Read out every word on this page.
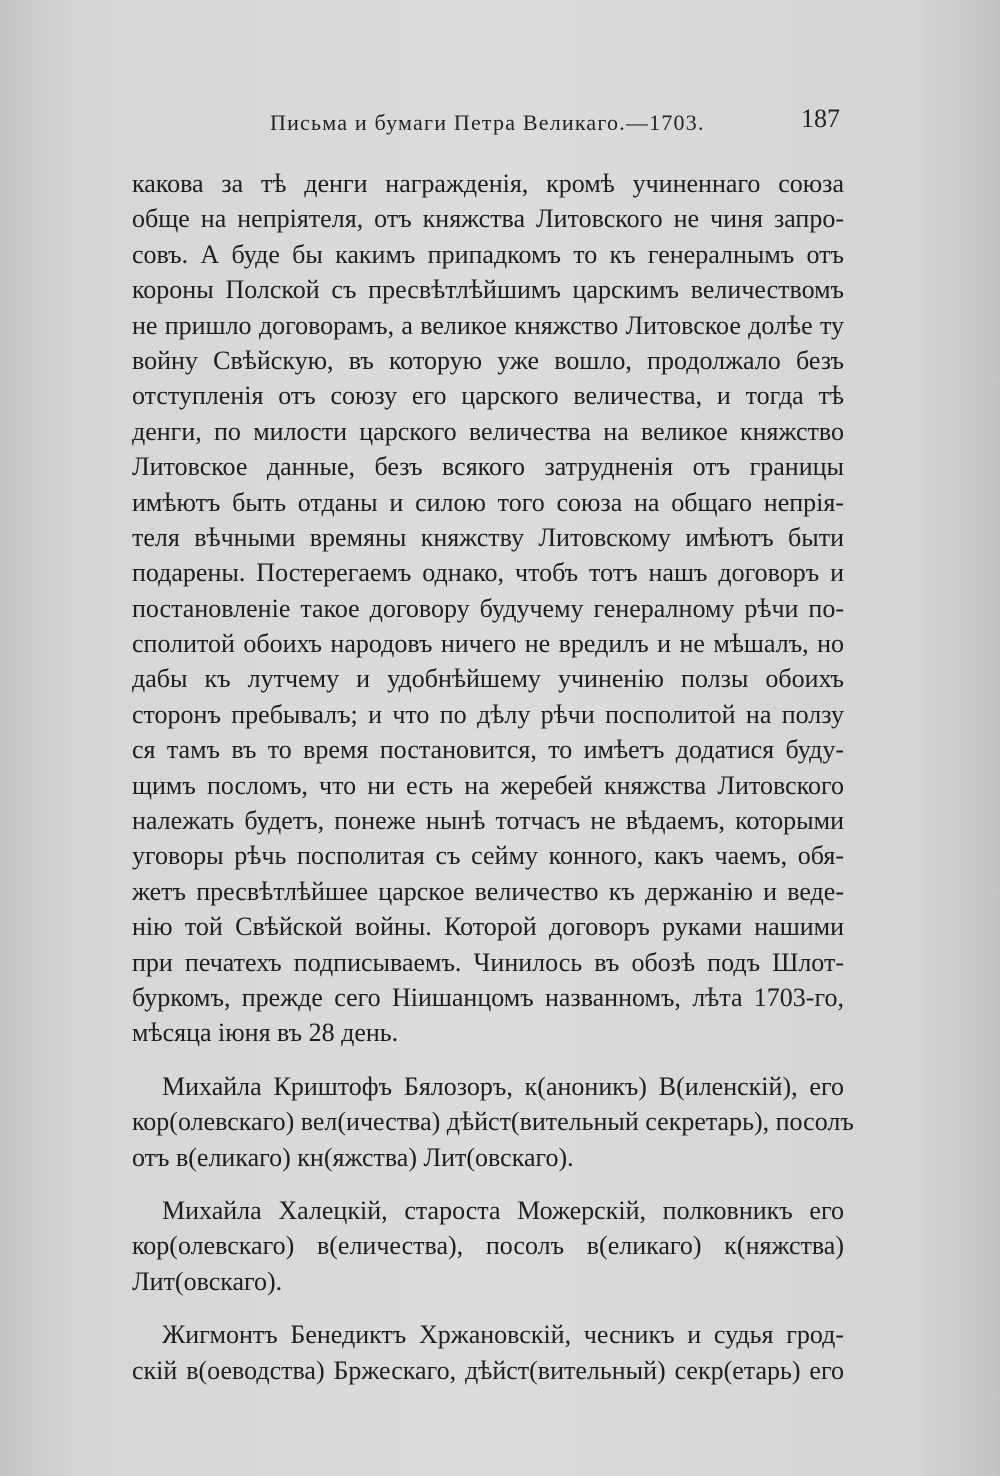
Письма и бумаги Петра Великаго.—1703.	187
какова за тѣ денги награжденія, кромѣ учиненнаго союза
обще на непріятеля, отъ княжства Литовского не чиня запро-
совъ. А буде бы какимъ припадкомъ то къ генералнымъ отъ
короны Полской съ пресвѣтлѣйшимъ царскимъ величествомъ
не пришло договорамъ, а великое княжство Литовское долѣе ту
войну Свѣйскую, въ которую уже вошло, продолжало безъ
отступленія отъ союзу его царского величества, и тогда тѣ
денги, по милости царского величества на великое княжство
Литовское данные, безъ всякого затрудненія отъ границы
имѣютъ быть отданы и силою того союза на общаго непрія-
теля вѣчными времяны княжству Литовскому имѣютъ быти
подарены. Постерегаемъ однако, чтобъ тотъ нашъ договоръ и
постановленіе такое договору будучему генералному рѣчи по-
сполитой обоихъ народовъ ничего не вредилъ и не мѣшалъ, но
дабы къ лутчему и удобнѣйшему учиненію ползы обоихъ
сторонъ пребывалъ; и что по дѣлу рѣчи посполитой на ползу
ся тамъ въ то время постановится, то имѣетъ додатися буду-
щимъ посломъ, что ни есть на жеребей княжства Литовского
належать будетъ, понеже нынѣ тотчасъ не вѣдаемъ, которыми
уговоры рѣчь посполитая съ сейму конного, какъ чаемъ, обя-
жетъ пресвѣтлѣйшее царское величество къ держанію и веде-
нію той Свѣйской войны. Которой договоръ руками нашими
при печатехъ подписываемъ. Чинилось въ обозѣ подъ Шлот-
буркомъ, прежде сего Ніишанцомъ названномъ, лѣта 1703-го,
мѣсяца іюня въ 28 день.
Михайла Криштофъ Бялозоръ, к(аноникъ) В(иленскій), его
кор(олевскаго) вел(ичества) дѣйст(вительный секретарь), посолъ
отъ в(еликаго) кн(яжства) Лит(овскаго).
Михайла Халецкій, староста Можерскій, полковникъ его
кор(олевскаго) в(еличества), посолъ в(еликаго) к(няжства)
Лит(овскаго).
Жигмонтъ Бенедиктъ Хржановскій, чесникъ и судья грод-
скій в(оеводства) Бржескаго, дѣйст(вительный) секр(етарь) его
